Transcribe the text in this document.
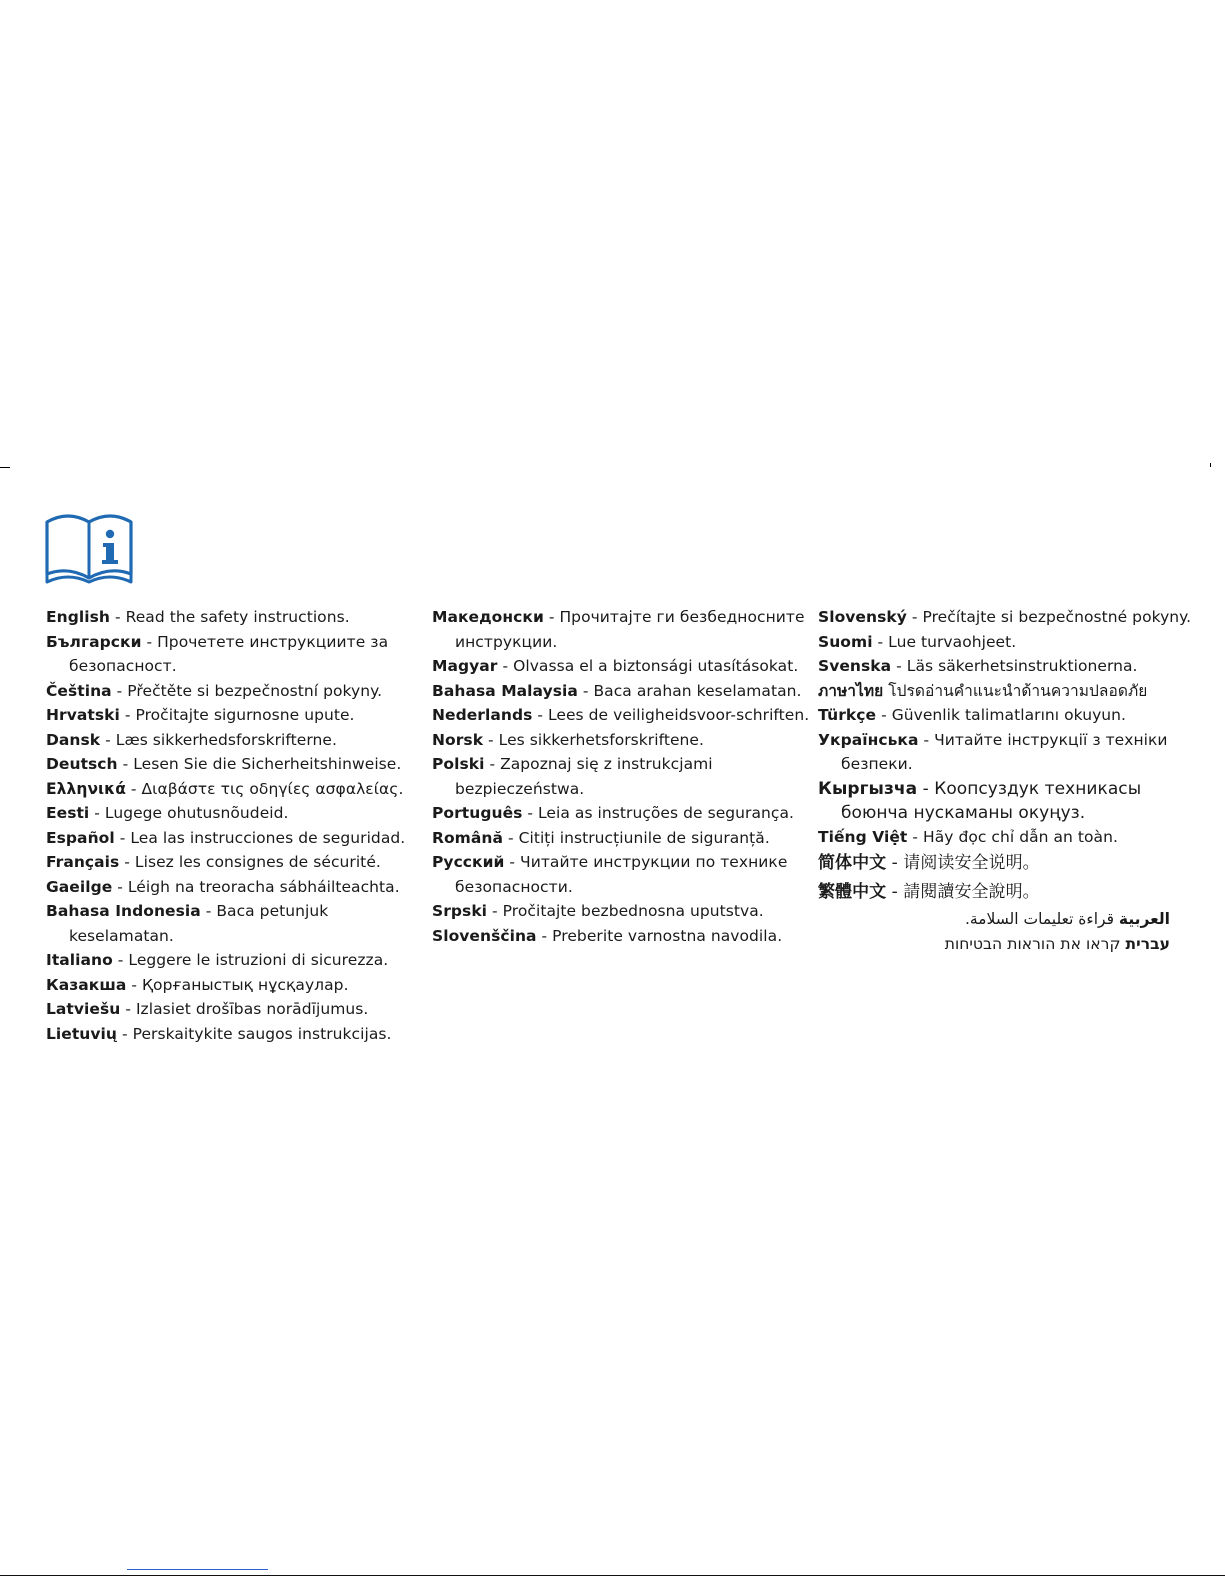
English - Read the safety instructions.

Български - Прочетете инструкциите за безопасност.

Čeština - Přečtěte si bezpečnostní pokyny.

Hrvatski - Pročitajte sigurnosne upute.

Dansk - Læs sikkerhedsforskrifterne.

Deutsch - Lesen Sie die Sicherheitshinweise.

Ελληνικά - Διαβάστε τις οδηγίες ασφαλείας.

Eesti - Lugege ohutusnõudeid.

Español - Lea las instrucciones de seguridad.

Français - Lisez les consignes de sécurité.

Gaeilge - Léigh na treoracha sábháilteachta.

Bahasa Indonesia - Baca petunjuk keselamatan.

Italiano - Leggere le istruzioni di sicurezza.

Казакша - Қорғаныстық нұсқаулар.

Latviešu - Izlasiet drošības norādījumus.

Lietuvių - Perskaitykite saugos instrukcijas.

Македонски - Прочитајте ги безбедносните инструкции.

Magyar - Olvassa el a biztonsági utasításokat.

Bahasa Malaysia - Baca arahan keselamatan.

Nederlands - Lees de veiligheidsvoor-schriften.

Norsk - Les sikkerhetsforskriftene.

Polski - Zapoznaj się z instrukcjami bezpieczeństwa.

Português - Leia as instruções de segurança.

Română - Citiți instrucțiunile de siguranță.

Русский - Читайте инструкции по технике безопасности.

Srpski - Pročitajte bezbednosna uputstva.

Slovenščina - Preberite varnostna navodila.

Slovenský - Prečítajte si bezpečnostné pokyny.

Suomi - Lue turvaohjeet.

Svenska - Läs säkerhetsinstruktionerna.

ภาษาไทย โปรดอ่านคำแนะนำด้านความปลอดภัย

Türkçe - Güvenlik talimatlarını okuyun.

Українська - Читайте інструкції з техніки безпеки.

Кыргызча - Коопсуздук техникасы боюнча нускаманы окуңуз.

Tiếng Việt - Hãy đọc chỉ dẫn an toàn.

简体中文 - 请阅读安全说明。

繁體中文 - 請閱讀安全說明。

العربية قراءة تعليمات السلامة.

עברית קראו את הוראות הבטיחות
